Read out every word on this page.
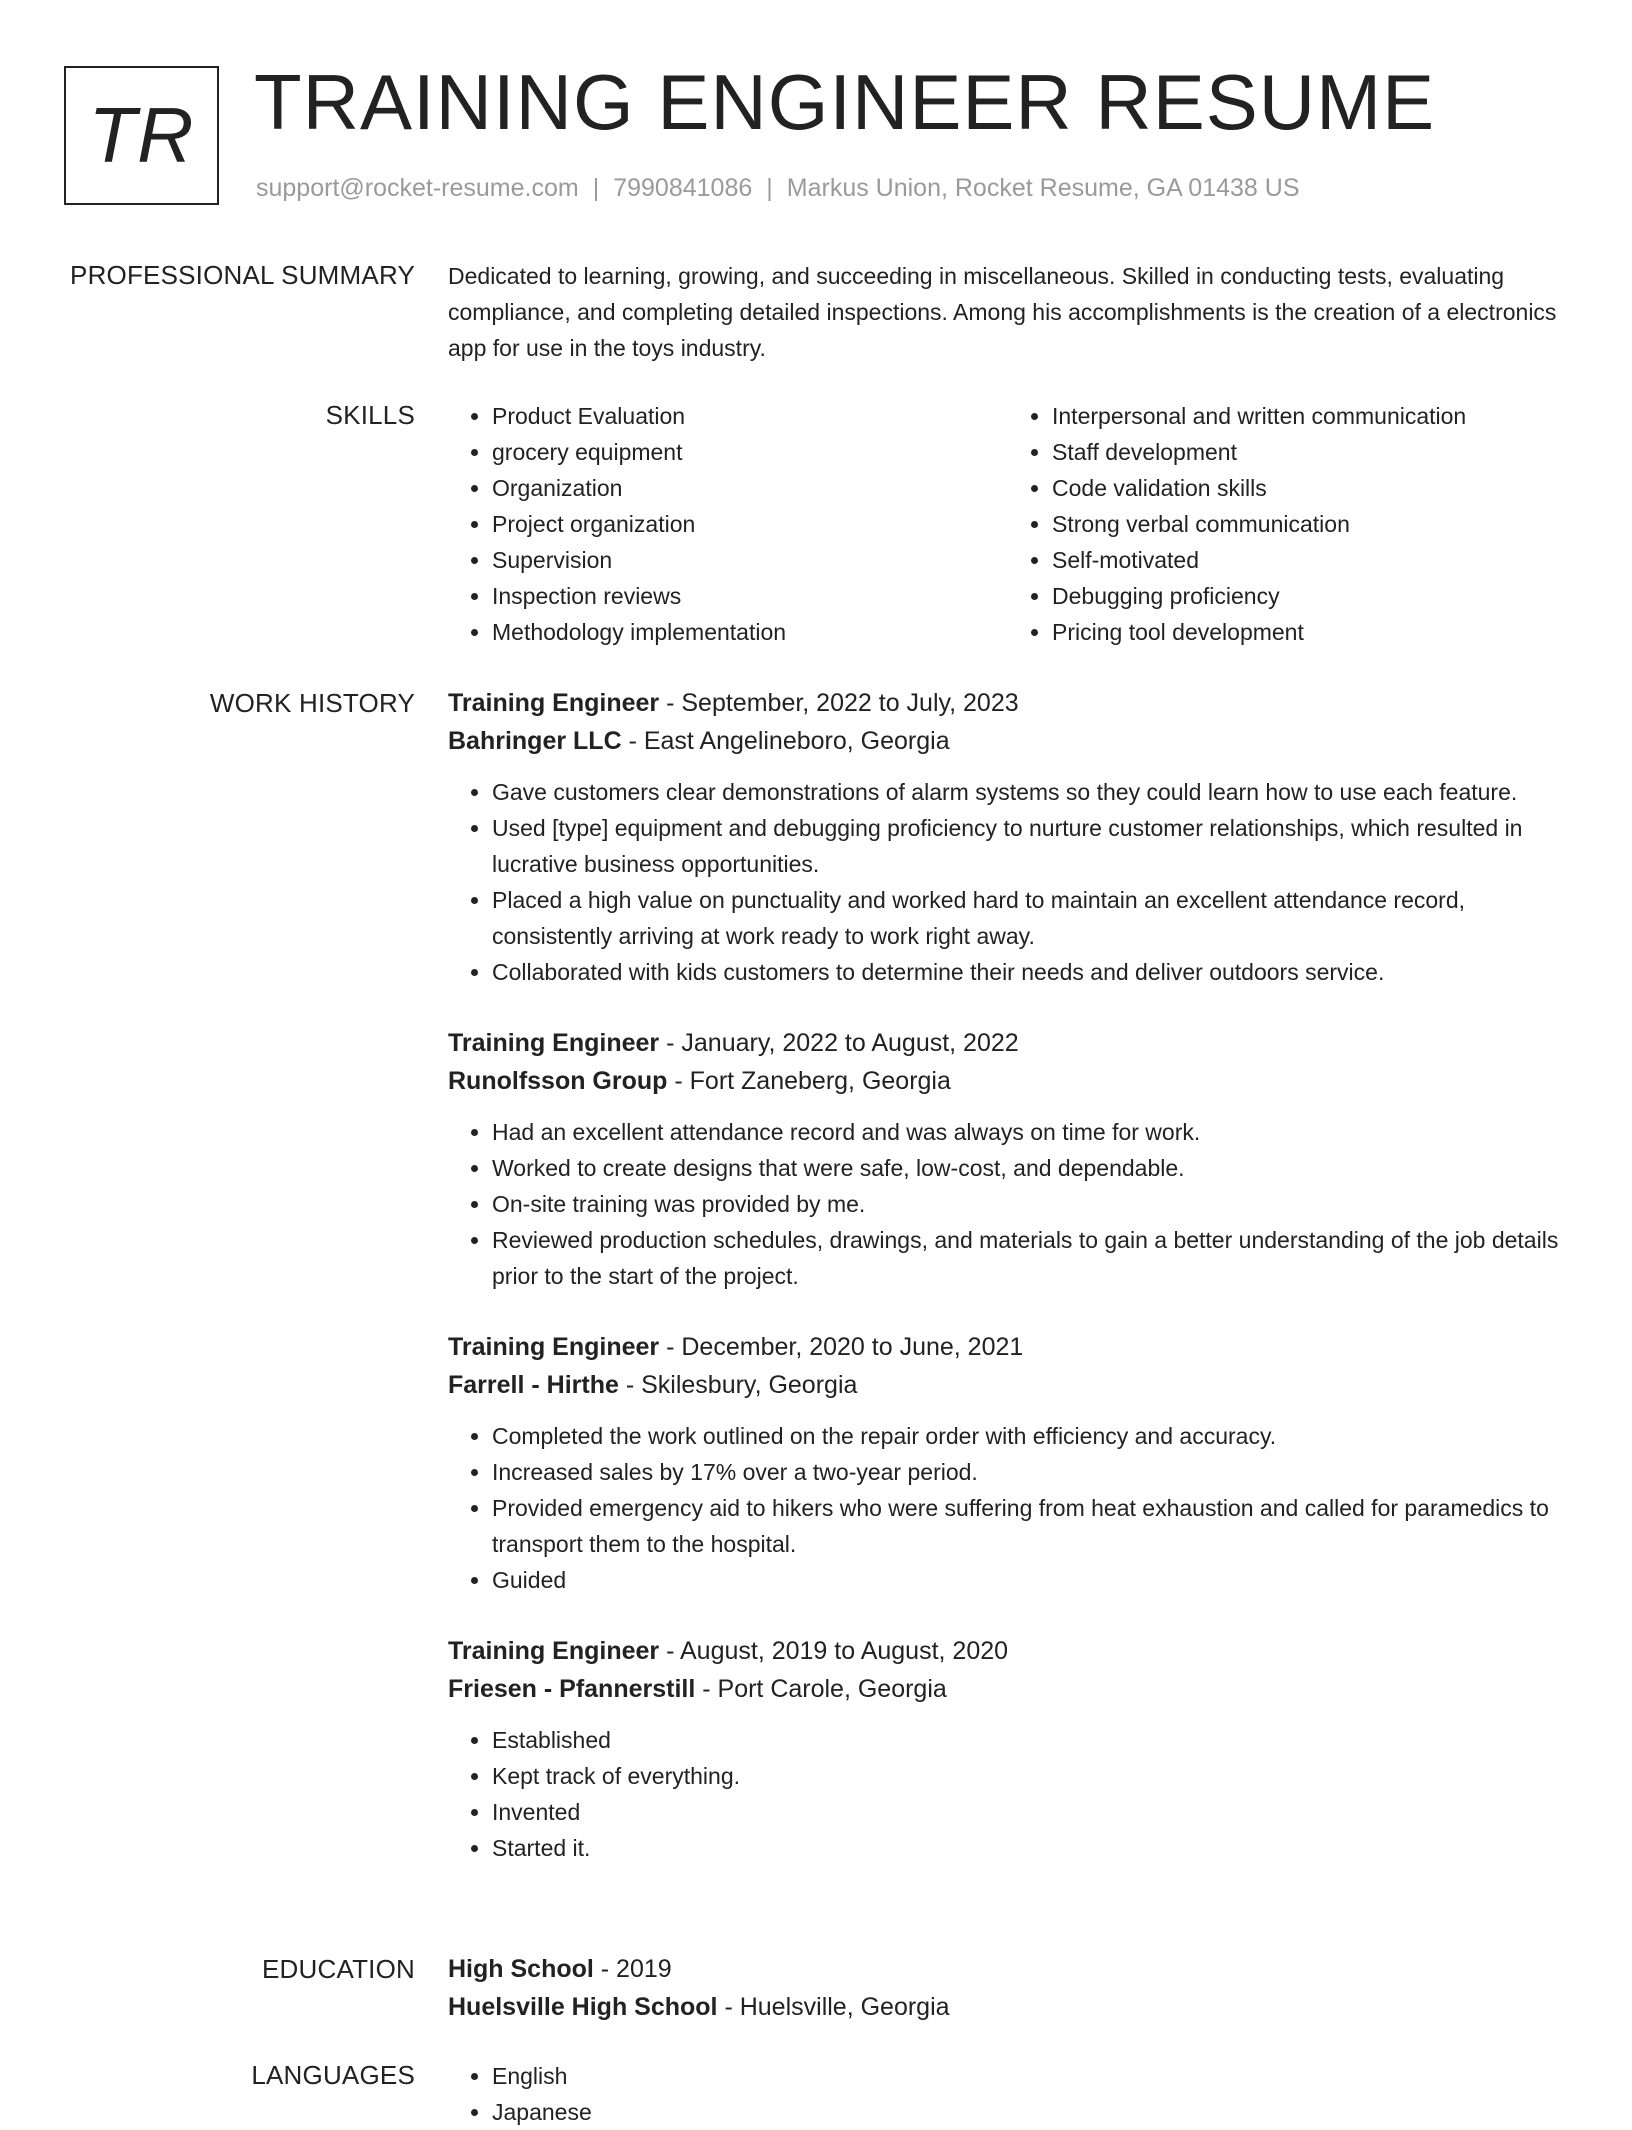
TR TRAINING ENGINEER RESUME
support@rocket-resume.com | 7990841086 | Markus Union, Rocket Resume, GA 01438 US
PROFESSIONAL SUMMARY Dedicated to learning, growing, and succeeding in miscellaneous. Skilled in conducting tests, evaluating compliance, and completing detailed inspections. Among his accomplishments is the creation of a electronics app for use in the toys industry.

SKILLS	• Product Evaluation
• grocery equipment
• Organization
• Project organization
• Supervision
• Inspection reviews
• Methodology implementation
• Interpersonal and written communication
• Staff development
• Code validation skills
• Strong verbal communication
• Self-motivated
• Debugging proficiency
• Pricing tool development
WORK HISTORY Training Engineer - September, 2022 to July, 2023
Bahringer LLC - East Angelineboro, Georgia
• Gave customers clear demonstrations of alarm systems so they could learn how to use each feature.
• Used [type] equipment and debugging proficiency to nurture customer relationships, which resulted in lucrative business opportunities.
• Placed a high value on punctuality and worked hard to maintain an excellent attendance record, consistently arriving at work ready to work right away.
• Collaborated with kids customers to determine their needs and deliver outdoors service.
Training Engineer - January, 2022 to August, 2022
Runolfsson Group - Fort Zaneberg, Georgia
• Had an excellent attendance record and was always on time for work.
• Worked to create designs that were safe, low-cost, and dependable.
• On-site training was provided by me.
• Reviewed production schedules, drawings, and materials to gain a better understanding of the job details prior to the start of the project.
Training Engineer - December, 2020 to June, 2021
Farrell - Hirthe - Skilesbury, Georgia
• Completed the work outlined on the repair order with efficiency and accuracy.
• Increased sales by 17% over a two-year period.
• Provided emergency aid to hikers who were suffering from heat exhaustion and called for paramedics to transport them to the hospital.
• Guided
Training Engineer - August, 2019 to August, 2020
Friesen - Pfannerstill - Port Carole, Georgia
• Established
• Kept track of everything.
• Invented
• Started it.
EDUCATION High School - 2019
Huelsville High School - Huelsville, Georgia
LANGUAGES	• English
• Japanese
